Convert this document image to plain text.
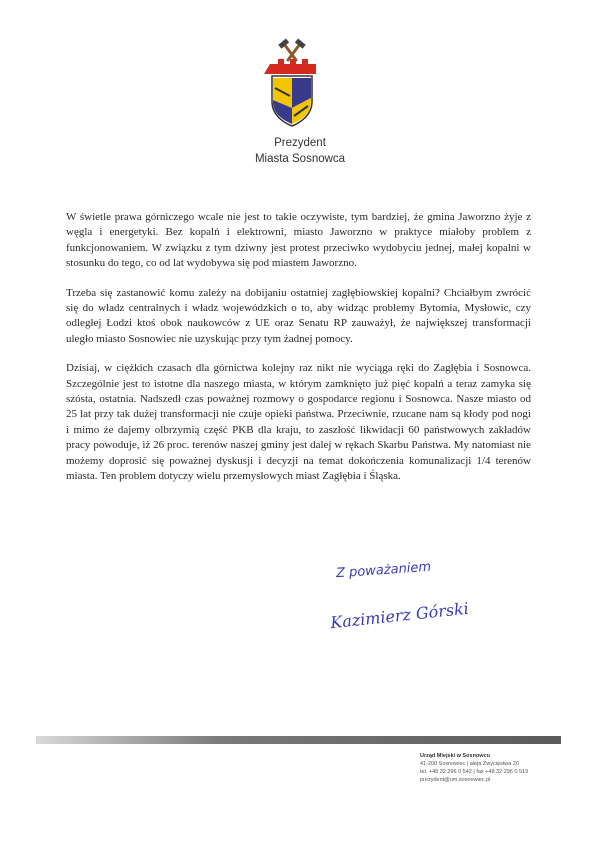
Prezydent
Miasta Sosnowca

W świetle prawa górniczego wcale nie jest to takie oczywiste, tym bardziej, że gmina Jaworzno żyje z węgla i energetyki. Bez kopalń i elektrowni, miasto Jaworzno w praktyce miałoby problem z funkcjonowaniem. W związku z tym dziwny jest protest przeciwko wydobyciu jednej, małej kopalni w stosunku do tego, co od lat wydobywa się pod miastem Jaworzno.

Trzeba się zastanowić komu zależy na dobijaniu ostatniej zagłębiowskiej kopalni? Chciałbym zwrócić się do władz centralnych i władz wojewódzkich o to, aby widząc problemy Bytomia, Mysłowic, czy odległej Łodzi ktoś obok naukowców z UE oraz Senatu RP zauważył, że największej transformacji uległo miasto Sosnowiec nie uzyskując przy tym żadnej pomocy.

Dzisiaj, w ciężkich czasach dla górnictwa kolejny raz nikt nie wyciąga ręki do Zagłębia i Sosnowca. Szczególnie jest to istotne dla naszego miasta, w którym zamknięto już pięć kopalń a teraz zamyka się szósta, ostatnia. Nadszedł czas poważnej rozmowy o gospodarce regionu i Sosnowca. Nasze miasto od 25 lat przy tak dużej transformacji nie czuje opieki państwa. Przeciwnie, rzucane nam są kłody pod nogi i mimo że dajemy olbrzymią część PKB dla kraju, to zaszłość likwidacji 60 państwowych zakładów pracy powoduje, iż 26 proc. terenów naszej gminy jest dalej w rękach Skarbu Państwa. My natomiast nie możemy doprosić się poważnej dyskusji i decyzji na temat dokończenia komunalizacji 1/4 terenów miasta. Ten problem dotyczy wielu przemysłowych miast Zagłębia i Śląska.

Z poważaniem
Kazimierz Górski
Urząd Miejski w Sosnowcu
41-200 Sosnowiec | aleja Zwycięstwa 20
tel. +48 32 296 0 542 | fax +48 32 296 0 519
prezydent@um.sosnowiec.pl
